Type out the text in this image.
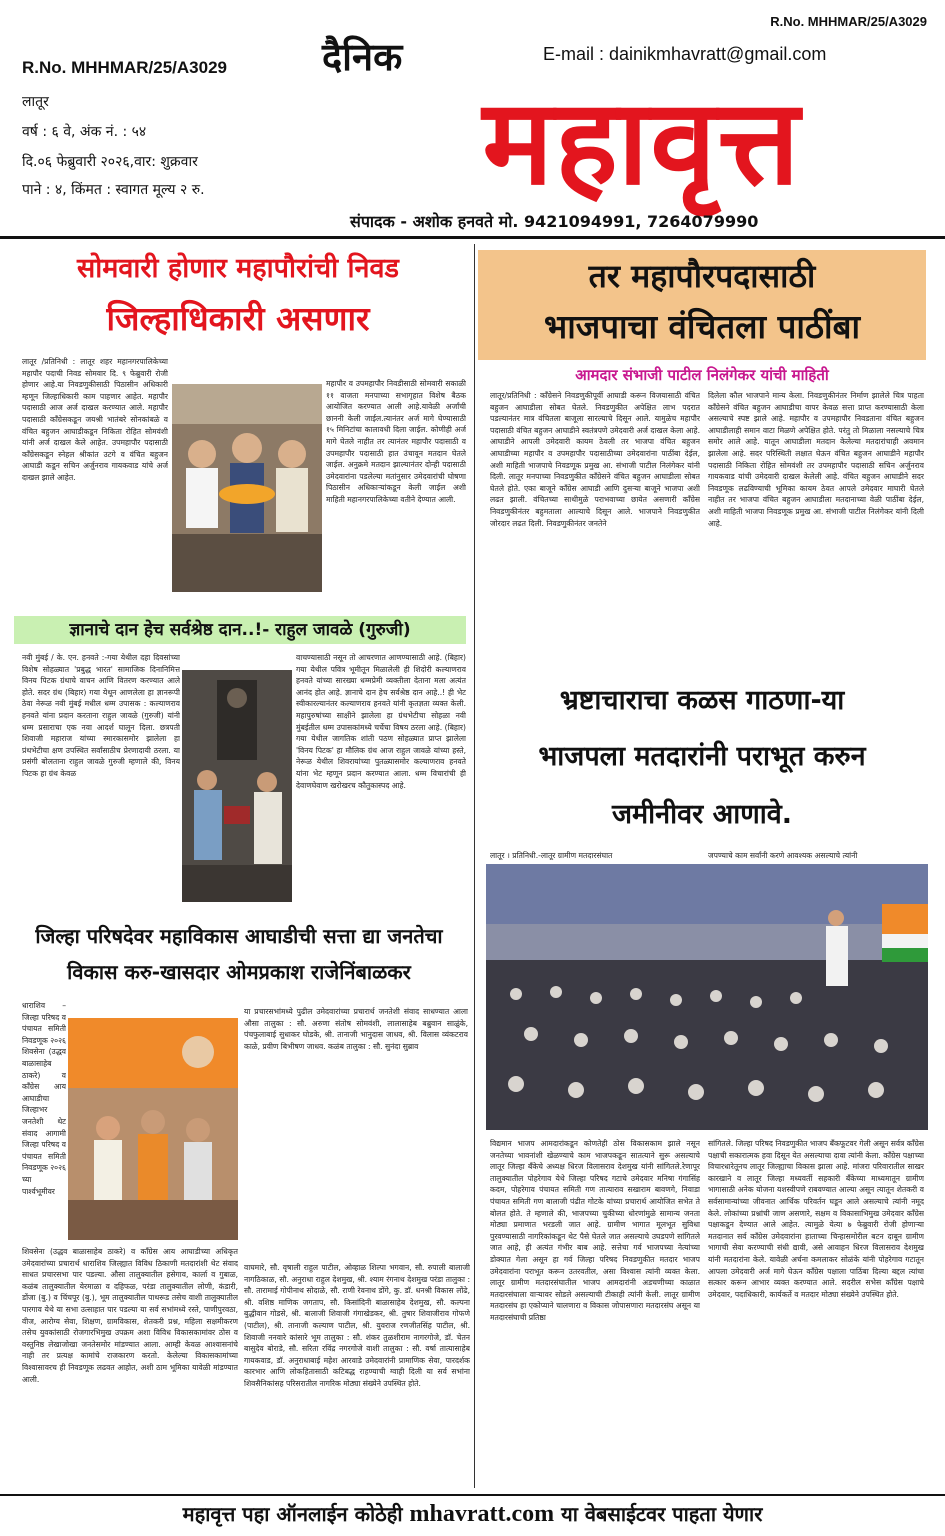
R.No. MHHMAR/25/A3029
R.No. MHHMAR/25/A3029
लातूर
वर्ष : ६ वे, अंक नं. : ५४
दि.०६ फेब्रुवारी २०२६,वार: शुक्रवार
पाने : ४, किंमत : स्वागत मूल्य २ रु.
दैनिक	E-mail : dainikmhavratt@gmail.com
महावृत्त
संपादक - अशोक हनवते मो. 9421094991, 7264079990
सोमवारी होणार महापौरांची निवड
जिल्हाधिकारी असणार
लातूर /प्रतिनिधी : लातूर शहर महानगरपालिकेच्या महापौर पदाची निवड सोमवार दि. ९ फेब्रुवारी रोजी होणार आहे.या निवडणुकीसाठी पिठासीन अधिकारी म्हणून जिल्हाधिकारी काम पाहणार आहेत. महापौर पदासाठी आज अर्ज दाखल करण्यात आले. महापौर पदासाठी काँग्रेसकडून जयश्री भातंबरे सोनकांबळे व वंचित बहुजन आघाडीकडून निकिता रोहित सोमवंशी यांनी अर्ज दाखल केले आहेत. उपमहापौर पदासाठी काँग्रेसकडून स्नेहल श्रीकांत उटगे व वंचित बहुजन आघाडी कडून सचिन अर्जुनराव गायकवाड यांचे अर्ज दाखल झाले आहेत.
महापौर व उपमहापौर निवडीसाठी सोमवारी सकाळी ११ वाजता मनपाच्या सभागृहात विशेष बैठक आयोजित करण्यात आली आहे.यावेळी अर्जांची छाननी केली जाईल.त्यानंतर अर्ज मागे घेण्यासाठी १५ मिनिटांचा कालावधी दिला जाईल. कोणीही अर्ज मागे घेतले नाहीत तर त्यानंतर महापौर पदासाठी व उपमहापौर पदासाठी हात उंचावून मतदान घेतले जाईल. अनुक्रमे मतदान झाल्यानंतर दोन्ही पदासाठी उमेदवारांना पडलेल्या मतांनुसार उमेदवारांची घोषणा पिठासीन अधिकाऱ्यांकडून केली जाईल अशी माहिती महानगरपालिकेच्या वतीने देण्यात आली.
ज्ञानाचे दान हेच सर्वश्रेष्ठ दान..!- राहुल जावळे (गुरुजी)
नवी मुंबई / के. एन. हनवते :-गया येथील दहा दिवसांच्या विशेष सोहळ्यात 'प्रबुद्ध भारत' सामाजिक दिनानिमित्त विनय पिटक ग्रंथाचे वाचन आणि वितरण करण्यात आले होते. सदर ग्रंथ (बिहार) गया येथून आणलेला हा ज्ञानरूपी ठेवा नेरूळ नवी मुंबई मधील धम्म उपासक : कल्याणराव हनवते यांना प्रदान करताना राहुल जावळे (गुरुजी) यांनी धम्म प्रसाराचा एक नवा आदर्श घालून दिला. छत्रपती शिवाजी महाराज यांच्या स्मारकासमोर झालेला हा प्रंथभेटीचा क्षण उपस्थित सर्वांसाठीच प्रेरणादायी ठरला. या प्रसंगी बोलताना राहुल जावळे गुरुजी म्हणाले की, विनय पिटक हा ग्रंथ केवळ
वाचण्यासाठी नसून तो आचरणात आणण्यासाठी आहे. (बिहार) गया येथील पवित्र भूमीतून मिळालेली ही शिदोरी कल्याणराव हनवते यांच्या सारख्या धम्मप्रेमी व्यक्तीला देताना मला अत्यंत आनंद होत आहे. ज्ञानाचे दान हेच सर्वश्रेष्ठ दान आहे..! ही भेट स्वीकारल्यानंतर कल्याणराव हनवते यांनी कृतज्ञता व्यक्त केली. महापुरुषांच्या साक्षीने झालेला हा ग्रंथभेटीचा सोहळा नवी मुंबईतील धम्म उपासकांमध्ये चर्चेचा विषय ठरला आहे. (बिहार) गया येथील जागतिक शांती पठण सोहळ्यात प्राप्त झालेला 'विनय पिटक' हा मौलिक ग्रंथ आज राहुल जावळे यांच्या हस्ते, नेरूळ येथील शिवरायांच्या पुतळ्यासमोर कल्याणराव हनवते यांना भेट म्हणून प्रदान करण्यात आला. धम्म विचारांची ही देवाणघेवाण खरोखरच कौतुकास्पद आहे.
जिल्हा परिषदेवर महाविकास आघाडीची सत्ता द्या जनतेचा
विकास करु-खासदार ओमप्रकाश राजेनिंबाळकर
धाराशिव –जिल्हा परिषद व पंचायत समिती निवडणूक २०२६ शिवसेना (उद्धव बाळासाहेब ठाकरे) व काँग्रेस आय आघाडीचा जिल्हाभर जनतेशी थेट संवाद आगामी जिल्हा परिषद व पंचायत समिती निवडणूक २०२६ च्या पार्श्वभूमीवर
या प्रचारसभांमध्ये पुढील उमेदवारांच्या प्रचारार्थ जनतेशी संवाद साधण्यात आला औसा तालुका : सौ. अरुणा संतोष सोमवंशी, लालासाहेब बब्रुवान साळुंके, पंचफुलाबाई सुधाकर घोडके, श्री. तानाजी भानुदास जाधव, श्री. विलास व्यंकटराव काळे, प्रवीण बिभीषण जाधव. कळंब तालुका : सौ. सुनंदा सुब्राव
शिवसेना (उद्धव बाळासाहेब ठाकरे) व काँग्रेस आय आघाडीच्या अधिकृत उमेदवारांच्या प्रचारार्थ धाराशिव जिल्ह्यात विविध ठिकाणी मतदारांशी थेट संवाद साधत प्रचारसभा पार पडल्या. औसा तालुक्यातील हसेगाव, कार्ला व गुबाळ, कळंब तालुक्यातील येरमाळा व दहिफळ, परंडा तालुक्यातील लोणी, कंडारी, डोंजा (बु.) व चिंचपूर (बु.), भूम तालुक्यातील पाथरूड तसेच वाशी तालुक्यातील पारगाव येथे या सभा उत्साहात पार पडल्या या सर्व सभांमध्ये रस्ते, पाणीपुरवठा, वीज, आरोग्य सेवा, शिक्षण, ग्रामविकास, शेतकरी प्रश्न, महिला सक्षमीकरण तसेच युवकांसाठी रोजगारभिमुख उपक्रम अशा विविध विकासकामांवर ठोस व वस्तुनिष्ठ लेखाजोखा जनतेसमोर मांडण्यात आला. आम्ही केवळ आश्वासनांचे नाही तर प्रत्यक्ष कामांचे राजकारण करतो. केलेल्या विकासकामांच्या विश्वासावरच ही निवडणूक लढवत आहोत, अशी ठाम भूमिका यावेळी मांडण्यात आली.
वाघमारे, सौ. वृषाली राहुल पाटील, ओव्हाळ शिल्पा भगवान, सौ. रुपाली बालाजी नागठिकाळ, सौ. अनुराधा राहुल देशमुख, श्री. श्याम रंगनाथ देशमुख परंडा तालुका : सौ. तारामाई गोपीनाथ सोदाळे, सौ. राणी रेवनाथ डोंगे, कु. डॉ. धनश्री विकास लोंढे, श्री. वशिष्ठ माणिक जगताप, सौ. किसांदिनी बाळासाहेब देशमुख, सौ. कल्पना बुद्धीवान गोडसे, श्री. बालाजी शिवाजी गंगाखेडकर, श्री. तुषार शिवाजीराव गोफणे (पाटील), श्री. तानाजी कल्याण पाटील, श्री. युवराज रणजीतसिंह पाटील, श्री. शिवाजी ननवारे कांसारे भूम तालुका : सौ. शंकर तुळशीराम नागरगोजे, डॉ. चेतन बासुदेव बोराडे, सौ. सरिता रविंद्र नगरगोजे वाशी तालुका : सौ. वर्षा तात्यासाहेब गायकवाड, डॉ. अनुराधाबाई महेश आरवाडे उमेदवारांनी प्रामाणिक सेवा, पारदर्शक कारभार आणि लोकहितासाठी कटिबद्ध राहण्याची ग्वाही दिली या सर्व सभांना शिवसैनिकांसह परिसरातील नागरिक मोठ्या संख्येने उपस्थित होते.
तर महापौरपदासाठी
भाजपाचा वंचितला पाठींबा
आमदार संभाजी पाटील निलंगेकर यांची माहिती
लातूर/प्रतिनिधी : काँग्रेसने निवडणुकीपूर्वी आघाडी करून विजयासाठी वंचित बहुजन आघाडीला सोबत घेतले. निवडणुकीत अपेक्षित लाभ पदरात पडल्यानंतर मात्र वंचितला बाजूला सारल्याचे दिसून आले. यामुळेच महापौर पदासाठी वंचित बहुजन आघाडीने स्वतंत्रपणे उमेदवारी अर्ज दाखल केला आहे. आघाडीने आपली उमेदवारी कायम ठेवली तर भाजपा वंचित बहुजन आघाडीच्या महापौर व उपमहापौर पदासाठीच्या उमेदवारांना पाठींबा देईल, अशी माहिती भाजपाचे निवडणूक प्रमुख आ. संभाजी पाटील निलंगेकर यांनी दिली. लातूर मनपाच्या निवडणुकीत काँग्रेसने वंचित बहुजन आघाडीला सोबत घेतले होते. एका बाजूने काँग्रेस आघाडी आणि दुसऱ्या बाजूने भाजपा अशी लढत झाली. वंचितच्या साथीमुळे पराभवाच्या छायेत असणारी काँग्रेस निवडणुकीनंतर बहुमताला आल्याचे दिसून आले. भाजपाने निवडणुकीत जोरदार लढत दिली. निवडणुकीनंतर जनतेने
दिलेला कौल भाजपाने मान्य केला. निवडणुकीनंतर निर्माण झालेले चित्र पाहता काँग्रेसने वंचित बहुजन आघाडीचा वापर केवळ सत्ता प्राप्त करण्यासाठी केला असल्याचे स्पष्ट झाले आहे. महापौर व उपमहापौर निवडताना वंचित बहुजन आघाडीलाही समान वाटा मिळणे अपेक्षित होते. परंतु तो मिळाला नसल्याचे चित्र समोर आले आहे. यातून आघाडीला मतदान केलेल्या मतदारांचाही अवमान झालेला आहे. सदर परिस्थिती लक्षात घेऊन वंचित बहुजन आघाडीने महापौर पदासाठी निकिता रोहित सोमवंशी तर उपमहापौर पदासाठी सचिन अर्जुनराव गायकवाड यांची उमेदवारी दाखल केलेली आहे. वंचित बहुजन आघाडीने सदर निवडणूक लढविण्याची भूमिका कायम ठेवत आपले उमेदवार माघारी घेतले नाहीत तर भाजपा वंचित बहुजन आघाडीला मतदानाच्या वेळी पाठींबा देईल, अशी माहिती भाजपा निवडणूक प्रमुख आ. संभाजी पाटील निलंगेकर यांनी दिली आहे.
भ्रष्टाचाराचा कळस गाठणा-या
भाजपला मतदारांनी पराभूत करुन
जमीनीवर आणावे.
लातूर । प्रतिनिधी.-लातूर ग्रामीण मतदारसंघात	जपण्याचे काम सर्वांनी करणे आवश्यक असल्याचे त्यांनी
विद्यमान भाजप आमदारांकडून कोणतेही ठोस विकासकाम झाले नसून जनतेच्या भावनांशी खेळण्याचे काम भाजपकडून सातत्याने सुरू असल्याचे लातूर जिल्हा बँकेचे अध्यक्ष धिरज विलासराव देशमुख यांनी सांगितले.रेणापूर तालुक्यातील पोहरेगाव येथे जिल्हा परिषद गटाचे उमेदवार मनिषा गंगासिंह कदम, पोहरेगाव पंचायत समिती गण तात्याराव सखाराम बावणगे, निवाडा पंचायत समिती गण बालाजी पंढीत गोटके यांच्या प्रचारार्थ आयोजित सभेत ते बोलत होते. ते म्हणाले की, भाजपच्या चुकीच्या धोरणांमुळे सामान्य जनता मोठ्या प्रमाणात भरडली जात आहे. ग्रामीण भागात मूलभूत सुविधा पुरवण्यासाठी नागरिकांकडून थेट पैसे घेतले जात असल्याचे उघडपणे सांगितले जात आहे, ही अत्यंत गंभीर बाब आहे. सत्तेचा गर्व भाजपच्या नेत्यांच्या डोक्यात गेला असून हा गर्व जिल्हा परिषद निवडणुकीत मतदार भाजप उमेदवारांना पराभूत करून उतरवतील, असा विश्वास त्यांनी व्यक्त केला. लातूर ग्रामीण मतदारसंघातील भाजप आमदारांनी अडचणीच्या काळात मतदारसंघाला वाऱ्यावर सोडले असल्याची टीकाही त्यांनी केली. लातूर ग्रामीण मतदारसंघ हा एकोप्याने चालणारा व विकास जोपासणारा मतदारसंघ असून या मतदारसंघाची प्रतिष्ठा
सांगितले. जिल्हा परिषद निवडणुकीत भाजप बँकफूटवर गेली असून सर्वत्र काँग्रेस पक्षाची सकारात्मक हवा दिसून येत असल्याचा दावा त्यांनी केला. काँग्रेस पक्षाच्या विचारधारेतूनच लातूर जिल्ह्याचा विकास झाला आहे. मांजरा परिवारातील साखर कारखाने व लातूर जिल्हा मध्यवर्ती सहकारी बँकेच्या माध्यमातून ग्रामीण भागासाठी अनेक योजना यशस्वीपणे राबवण्यात आल्या असून त्यातून शेतकरी व सर्वसामान्यांच्या जीवनात आर्थिक परिवर्तन घडून आले असल्याचे त्यांनी नमूद केले. लोकांच्या प्रश्नांची जाण असणारे, सक्षम व विकासाभिमुख उमेदवार काँग्रेस पक्षाकडून देण्यात आले आहेत. त्यामुळे येत्या ७ फेब्रुवारी रोजी होणाऱ्या मतदानात सर्व काँग्रेस उमेदवारांना हाताच्या चिन्हासमोरील बटन दाबून ग्रामीण भागाची सेवा करण्याची संधी द्यावी, असे आवाहन धिरज विलासराव देशमुख यांनी मतदारांना केले. यावेळी अर्चना कमलाकर सोळंके यांनी पोहरेगाव गटातून आपला उमेदवारी अर्ज मागे घेऊन काँग्रेस पक्षाला पाठिंबा दिल्या बद्दल त्यांचा सत्कार करून आभार व्यक्त करण्यात आले. सदरील सभेस काँग्रेस पक्षाचे उमेदवार, पदाधिकारी, कार्यकर्ते व मतदार मोठ्या संख्येने उपस्थित होते.
महावृत्त पहा ऑनलाईन कोठेही mhavratt.com या वेबसाईटवर पाहता येणार
